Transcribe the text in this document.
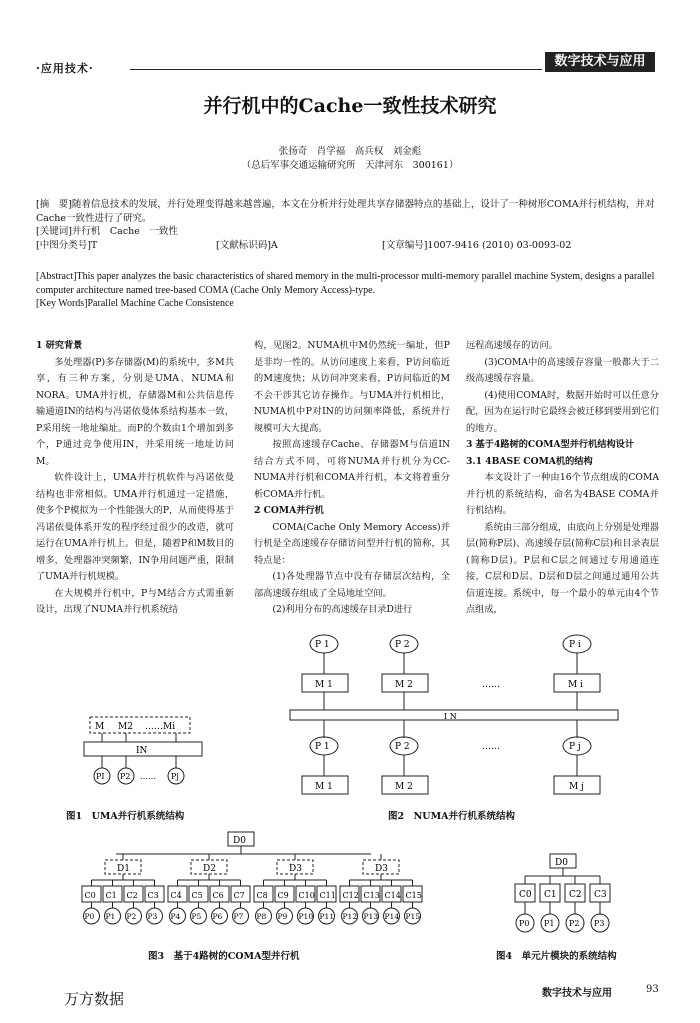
·应用技术·	数字技术与应用
并行机中的Cache一致性技术研究
张扬奇　肖学福　高兵权　刘金彪
（总后军事交通运输研究所　天津河东　300161）
[摘　要]随着信息技术的发展，并行处理变得越来越普遍，本文在分析并行处理共享存储器特点的基础上，设计了一种树形COMA并行机结构，并对Cache一致性进行了研究。
[关键词]并行机　Cache　一致性
[中图分类号]T	[文献标识码]A	[文章编号]1007-9416 (2010) 03-0093-02
[Abstract]This paper analyzes the basic characteristics of shared memory in the multi-processor multi-memory parallel machine System, designs a parallel computer architecture named tree-based COMA (Cache Only Memory Access)-type.
[Key Words]Parallel Machine Cache Consistence

1 研究背景

多处理器(P)多存储器(M)的系统中，多M共享，有三种方案，分别是UMA、NUMA和NORA。UMA并行机，存储器M和公共信息传输通道IN的结构与冯诺依曼体系结构基本一致，P采用统一地址编址。而P的个数由1个增加到多个，P通过竞争使用IN，并采用统一地址访问M。

软件设计上，UMA并行机软件与冯诺依曼结构也非常相似。UMA并行机通过一定措施，使多个P模拟为一个性能强大的P，从而使得基于冯诺依曼体系开发的程序经过很少的改造，就可运行在UMA并行机上。但是，随着P和M数目的增多，处理器冲突频繁，IN争用问题严重，限制了UMA并行机规模。

在大规模并行机中，P与M结合方式需重新设计，出现了NUMA并行机系统结

构，见图2。NUMA机中M仍然统一编址，但P是非均一性的。从访问速度上来看，P访问临近的M速度快；从访问冲突来看，P访问临近的M不会干涉其它访存操作。与UMA并行机相比，NUMA机中P对IN的访问频率降低，系统并行规模可大大提高。

按照高速缓存Cache、存储器M与信道IN结合方式不同，可将NUMA并行机分为CC-NUMA并行机和COMA并行机，本文将着重分析COMA并行机。

2 COMA并行机

COMA(Cache Only Memory Access)并行机是全高速缓存存储访问型并行机的简称，其特点是：

(1)各处理器节点中没有存储层次结构，全部高速缓存组成了全局地址空间。

(2)利用分布的高速缓存目录D进行

远程高速缓存的访问。

(3)COMA中的高速缓存容量一般都大于二级高速缓存容量。

(4)使用COMA时，数据开始时可以任意分配，因为在运行时它最终会被迁移到要用到它们的地方。

3 基于4路树的COMA型并行机结构设计

3.1 4BASE COMA机的结构

本文设计了一种由16个节点组成的COMA并行机的系统结构，命名为4BASE COMA并行机结构。

系统由三部分组成，由底向上分别是处理器层(简称P层)、高速缓存层(简称C层)和目录表层(简称D层)。P层和C层之间通过专用通道连接，C层和D层、D层和D层之间通过通用公共信道连接。系统中，每一个最小的单元由4个节点组成，

M M2 ……Mi
IN
PI P2 …… Pj
图1　UMA并行机系统结构
P 1	P 2	P i
M 1	M 2	……	M i
I N
P 1	P 2	……	P j
M 1	M 2	M j
图2　NUMA并行机系统结构
D0
D1	D2	D3	D3
C0
P0
C1
P1
C2
P2
C3
P3
C4
P4
C5
P5
C6
P6
C7
P7
C8
P8
C9
P9
C10
P10
C11
P11
C12
P12
C13
P13
C14
P14
C15
P15
图3　基于4路树的COMA型并行机
D0
C0
P0
C1
P1
C2
P2
C3
P3
图4　单元片模块的系统结构
万方数据	数字技术与应用	93
